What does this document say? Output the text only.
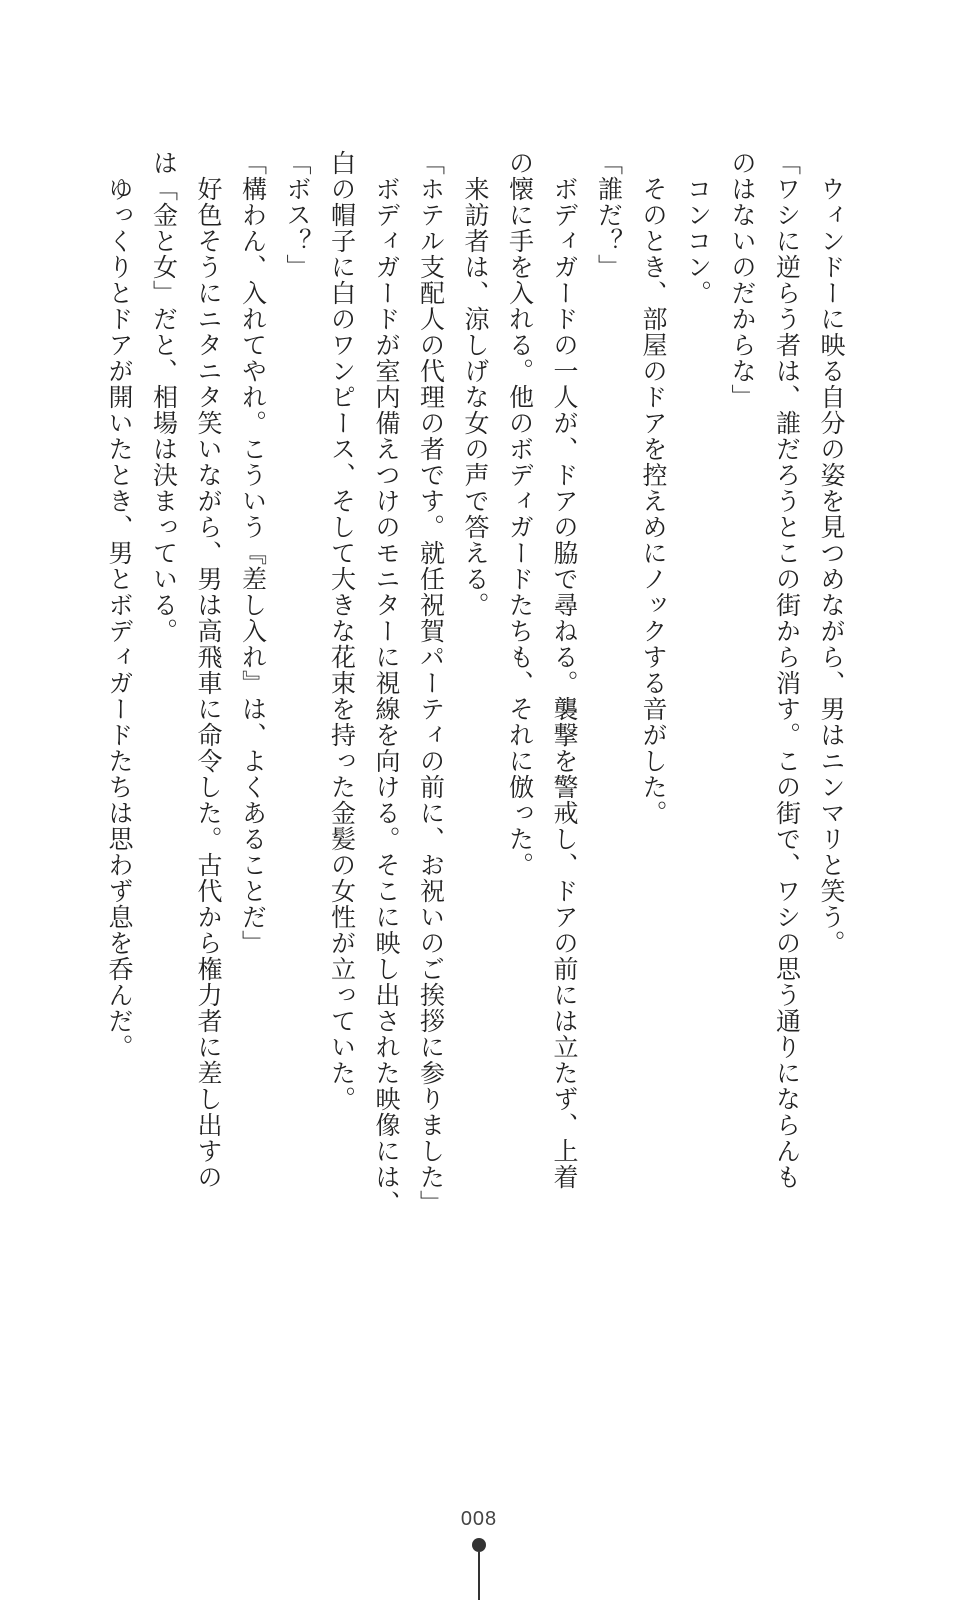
ウィンドーに映る自分の姿を見つめながら、男はニンマリと笑う。
「ワシに逆らう者は、誰だろうとこの街から消す。この街で、ワシの思う通りにならんも
のはないのだからな」
コンコン。
そのとき、部屋のドアを控えめにノックする音がした。
「誰だ？」
ボディガードの一人が、ドアの脇で尋ねる。襲撃を警戒し、ドアの前には立たず、上着
の懐に手を入れる。他のボディガードたちも、それに倣った。
来訪者は、涼しげな女の声で答える。
「ホテル支配人の代理の者です。就任祝賀パーティの前に、お祝いのご挨拶に参りました」
ボディガードが室内備えつけのモニターに視線を向ける。そこに映し出された映像には、
白の帽子に白のワンピース、そして大きな花束を持った金髪の女性が立っていた。
「ボス？」
「構わん、入れてやれ。こういう『差し入れ』は、よくあることだ」
好色そうにニタニタ笑いながら、男は高飛車に命令した。古代から権力者に差し出すの
は「金と女」だと、相場は決まっている。
ゆっくりとドアが開いたとき、男とボディガードたちは思わず息を呑んだ。
008
